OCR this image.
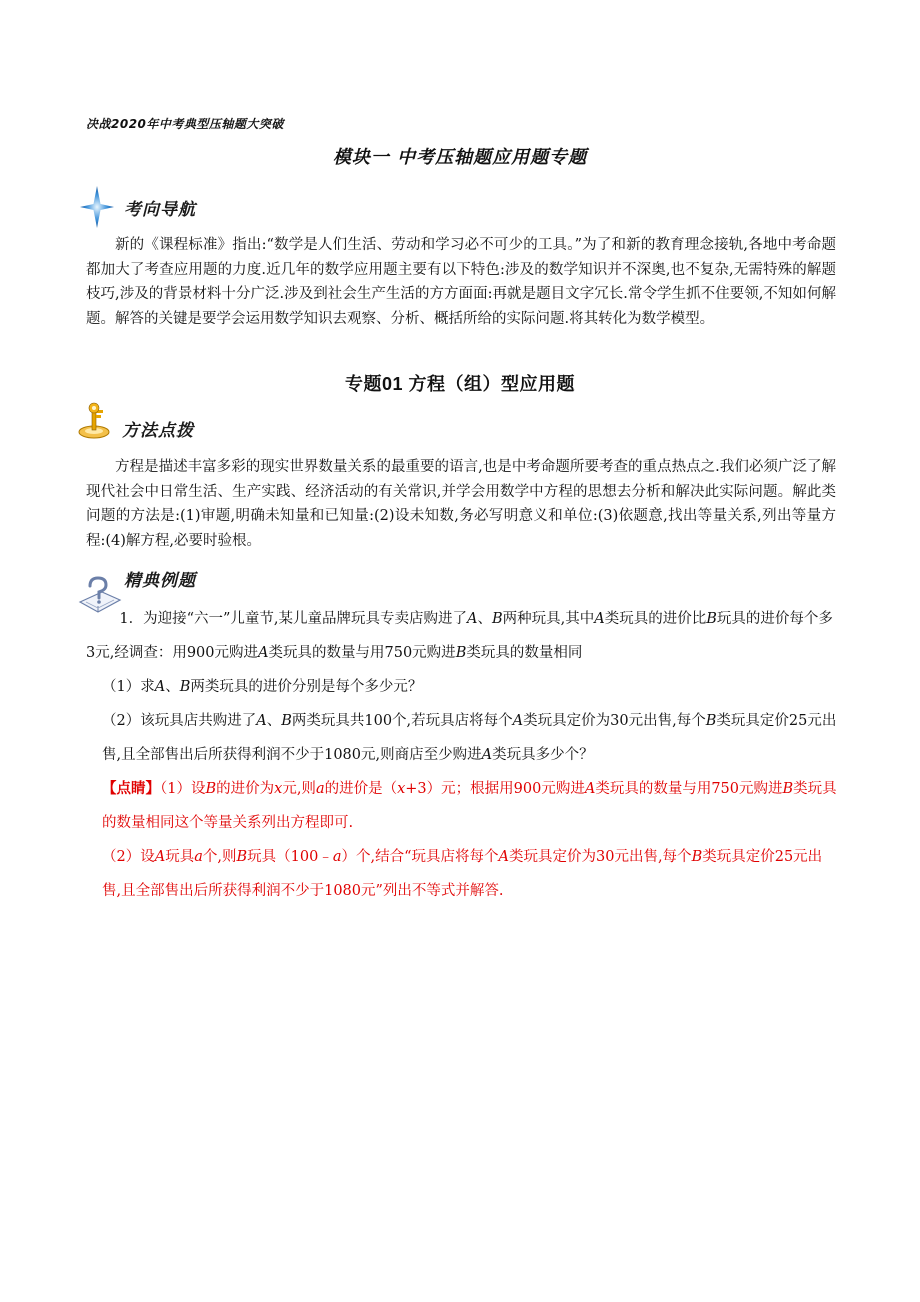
决战2020年中考典型压轴题大突破
模块一 中考压轴题应用题专题
考向导航

新的《课程标准》指出:“数学是人们生活、劳动和学习必不可少的工具。”为了和新的教育理念接轨,各地中考命题都加大了考查应用题的力度.近几年的数学应用题主要有以下特色:涉及的数学知识并不深奥,也不复杂,无需特殊的解题枝巧,涉及的背景材料十分广泛.涉及到社会生产生活的方方面面:再就是题目文字冗长.常令学生抓不住要领,不知如何解题。解答的关键是要学会运用数学知识去观察、分析、概括所给的实际问题.将其转化为数学模型。

专题01 方程（组）型应用题
方法点拨

方程是描述丰富多彩的现实世界数量关系的最重要的语言,也是中考命题所要考查的重点热点之.我们必须广泛了解现代社会中日常生活、生产实践、经济活动的有关常识,并学会用数学中方程的思想去分析和解决此实际问题。解此类问题的方法是:(1)审题,明确未知量和已知量:(2)设未知数,务必写明意义和单位:(3)依题意,找出等量关系,列出等量方程:(4)解方程,必要时验根。

精典例题

1．为迎接“六一”儿童节,某儿童品牌玩具专卖店购进了A、B两种玩具,其中A类玩具的进价比B玩具的进价每个多3元,经调查：用900元购进A类玩具的数量与用750元购进B类玩具的数量相同

（1）求A、B两类玩具的进价分别是每个多少元？

（2）该玩具店共购进了A、B两类玩具共100个,若玩具店将每个A类玩具定价为30元出售,每个B类玩具定价25元出售,且全部售出后所获得利润不少于1080元,则商店至少购进A类玩具多少个？

【点睛】（1）设B的进价为x元,则a的进价是（x+3）元；根据用900元购进A类玩具的数量与用750元购进B类玩具的数量相同这个等量关系列出方程即可.

（2）设A玩具a个,则B玩具（100﹣a）个,结合“玩具店将每个A类玩具定价为30元出售,每个B类玩具定价25元出售,且全部售出后所获得利润不少于1080元”列出不等式并解答.
